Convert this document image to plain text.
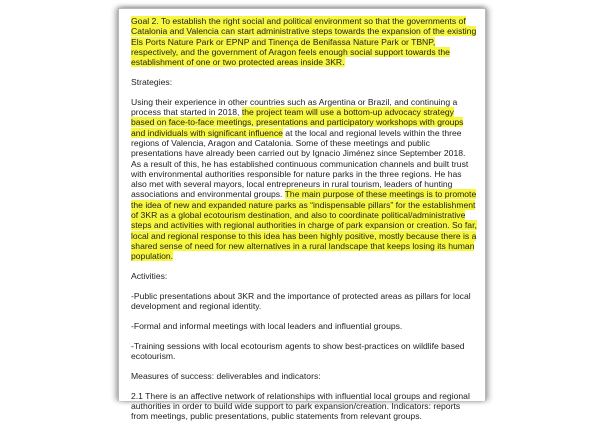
Goal 2. To establish the right social and political environment so that the governments of Catalonia and Valencia can start administrative steps towards the expansion of the existing Els Ports Nature Park or EPNP and Tinença de Benifassa Nature Park or TBNP, respectively, and the government of Aragon feels enough social support towards the establishment of one or two protected areas inside 3KR.

Strategies:

Using their experience in other countries such as Argentina or Brazil, and continuing a process that started in 2018, the project team will use a bottom-up advocacy strategy based on face-to-face meetings, presentations and participatory workshops with groups and individuals with significant influence at the local and regional levels within the three regions of Valencia, Aragon and Catalonia. Some of these meetings and public presentations have already been carried out by Ignacio Jiménez since September 2018. As a result of this, he has established continuous communication channels and built trust with environmental authorities responsible for nature parks in the three regions. He has also met with several mayors, local entrepreneurs in rural tourism, leaders of hunting associations and environmental groups. The main purpose of these meetings is to promote the idea of new and expanded nature parks as “indispensable pillars” for the establishment of 3KR as a global ecotourism destination, and also to coordinate political/administrative steps and activities with regional authorities in charge of park expansion or creation. So far, local and regional response to this idea has been highly positive, mostly because there is a shared sense of need for new alternatives in a rural landscape that keeps losing its human population.

Activities:

-Public presentations about 3KR and the importance of protected areas as pillars for local development and regional identity.

-Formal and informal meetings with local leaders and influential groups.

-Training sessions with local ecotourism agents to show best-practices on wildlife based ecotourism.

Measures of success: deliverables and indicators:

2.1 There is an affective network of relationships with influential local groups and regional authorities in order to build wide support to park expansion/creation. Indicators: reports from meetings, public presentations, public statements from relevant groups.
